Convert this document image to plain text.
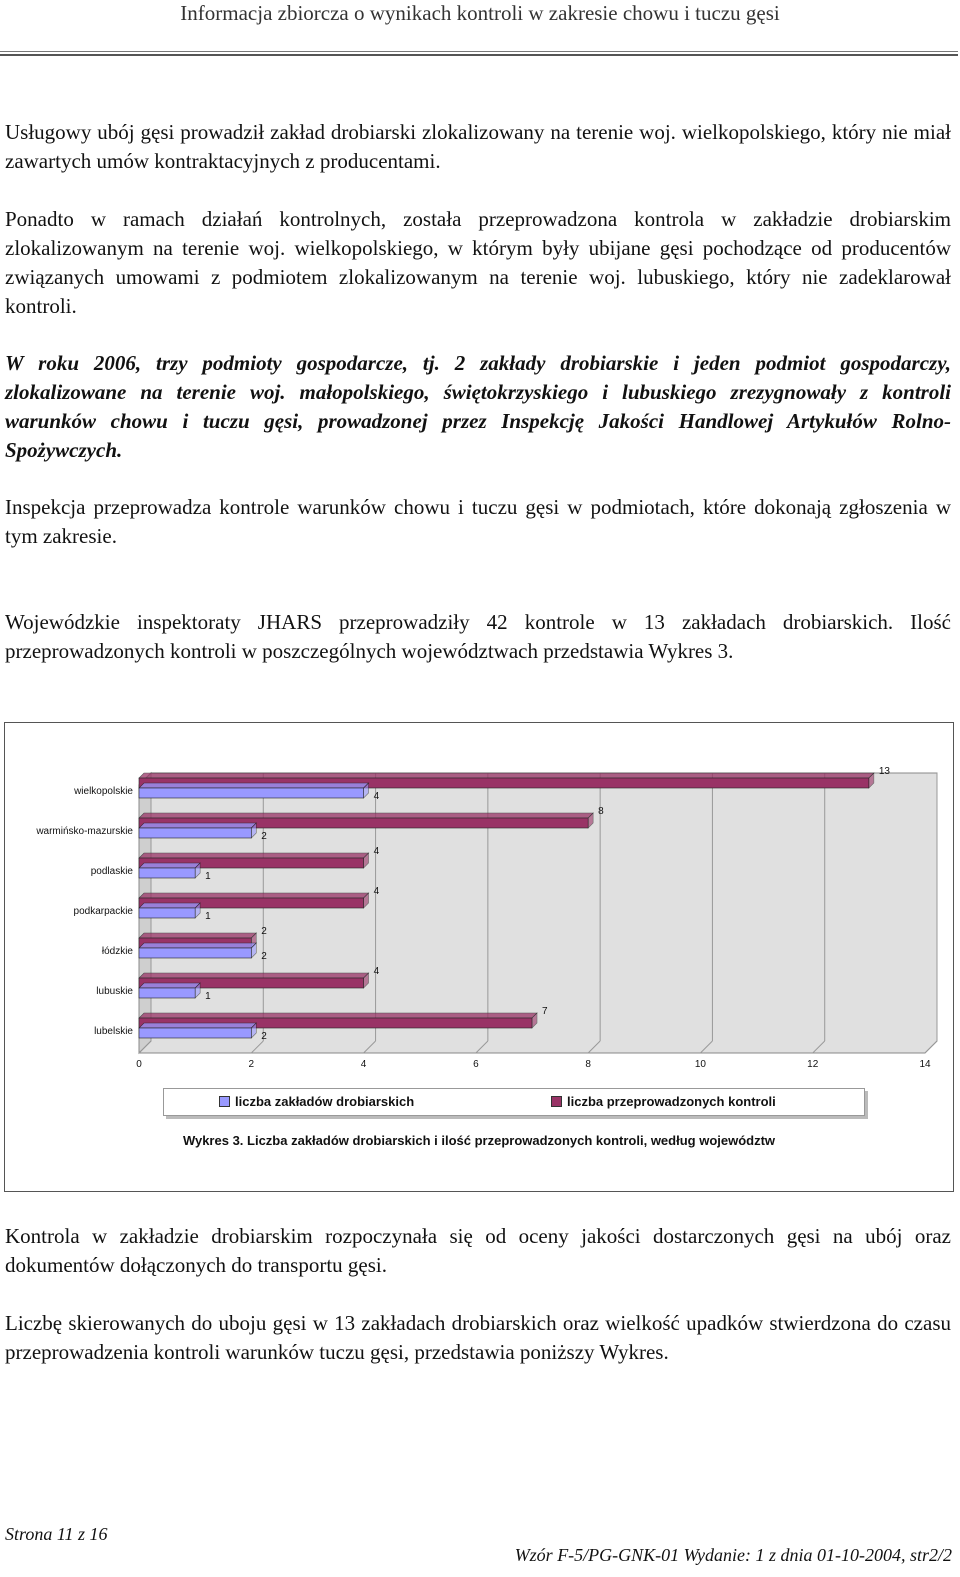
Informacja zbiorcza o wynikach kontroli w zakresie chowu i tuczu gęsi

Usługowy ubój gęsi prowadził zakład drobiarski zlokalizowany na terenie woj. wielkopolskiego, który nie miał zawartych umów kontraktacyjnych z producentami.

Ponadto w ramach działań kontrolnych, została przeprowadzona kontrola w zakładzie drobiarskim zlokalizowanym na terenie woj. wielkopolskiego, w którym były ubijane gęsi pochodzące od producentów związanych umowami z podmiotem zlokalizowanym na terenie woj. lubuskiego, który nie zadeklarował kontroli.

W roku 2006, trzy podmioty gospodarcze, tj. 2 zakłady drobiarskie i jeden podmiot gospodarczy, zlokalizowane na terenie woj. małopolskiego, świętokrzyskiego i lubuskiego zrezygnowały z kontroli warunków chowu i tuczu gęsi, prowadzonej przez Inspekcję Jakości Handlowej Artykułów Rolno-Spożywczych.

Inspekcja przeprowadza kontrole warunków chowu i tuczu gęsi w podmiotach, które dokonają zgłoszenia w tym zakresie.

Wojewódzkie inspektoraty JHARS przeprowadziły 42 kontrole w 13 zakładach drobiarskich. Ilość przeprowadzonych kontroli w poszczególnych województwach przedstawia Wykres 3.

0	2	4	6	8	10	12	14
wielkopolskie
13
4
warmińsko-mazurskie
8
2
podlaskie
4
1
podkarpackie
4
1
łódzkie
2
2
lubuskie
4
1
lubelskie
7
2
liczba zakładów drobiarskich	liczba przeprowadzonych kontroli
Wykres 3. Liczba zakładów drobiarskich i ilość przeprowadzonych kontroli, według województw

Kontrola w zakładzie drobiarskim rozpoczynała się od oceny jakości dostarczonych gęsi na ubój oraz dokumentów dołączonych do transportu gęsi.

Liczbę skierowanych do uboju gęsi w 13 zakładach drobiarskich oraz wielkość upadków stwierdzona do czasu przeprowadzenia kontroli warunków tuczu gęsi, przedstawia poniższy Wykres.

Strona 11 z 16
Wzór F-5/PG-GNK-01 Wydanie: 1 z dnia 01-10-2004, str2/2
